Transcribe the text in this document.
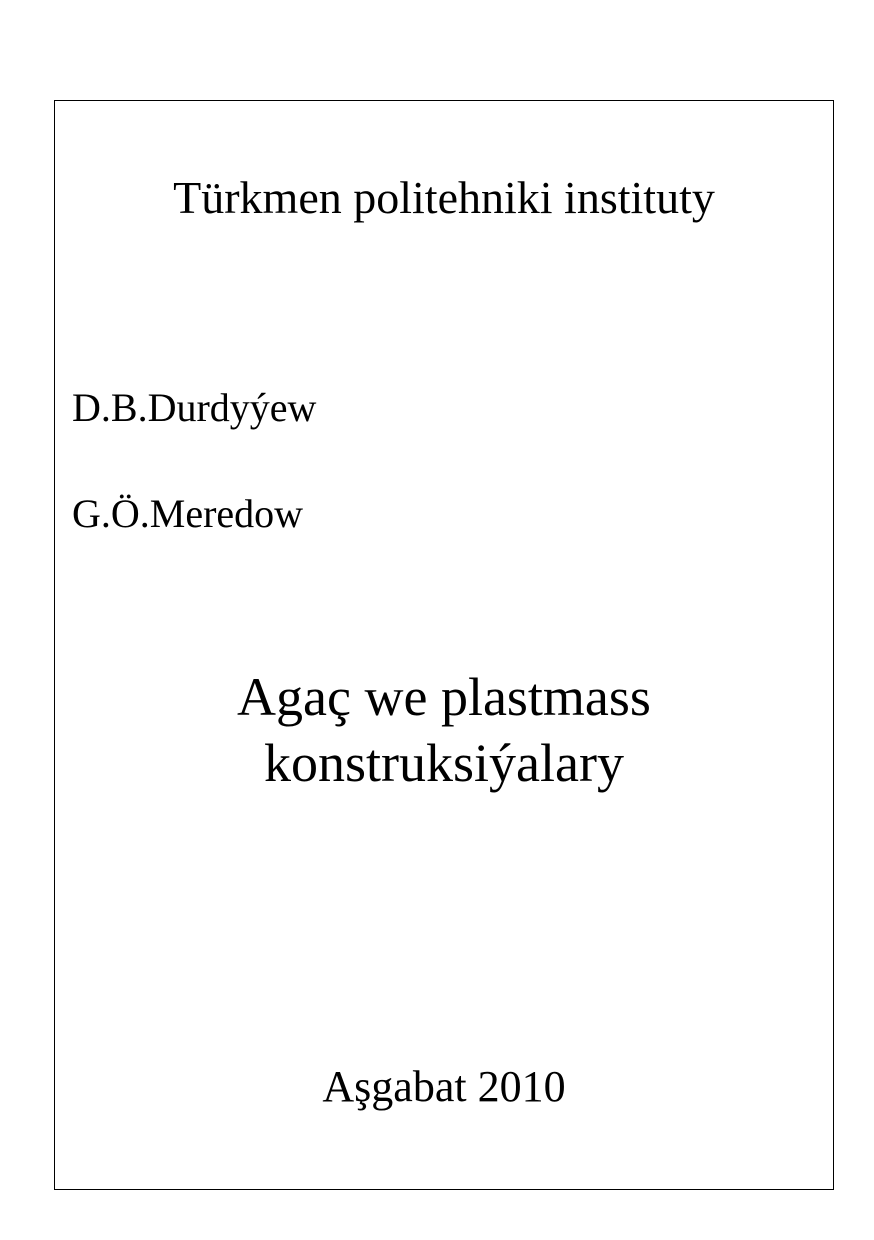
Türkmen politehniki instituty

D.B.Durdyýew

G.Ö.Meredow

Agaç we plastmass
konstruksiýalary

Aşgabat 2010
